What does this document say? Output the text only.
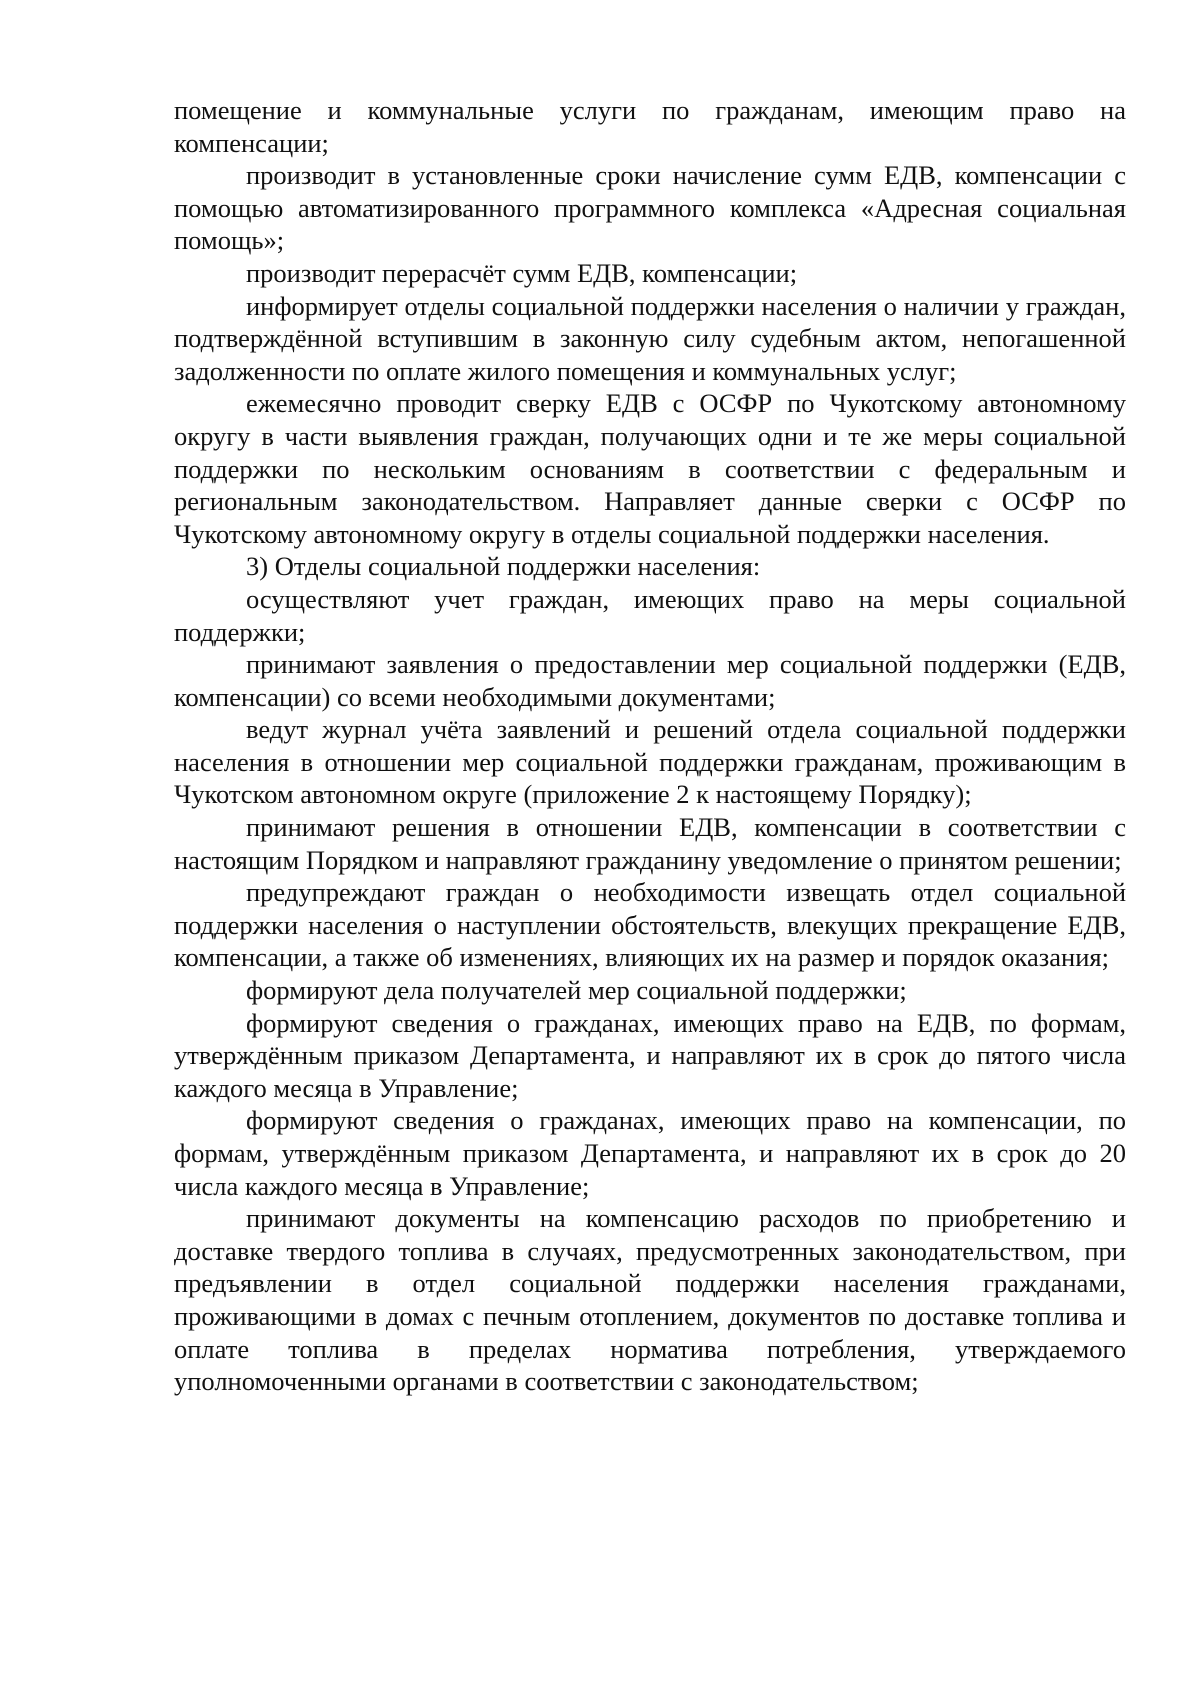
помещение и коммунальные услуги по гражданам, имеющим право на компенсации;

производит в установленные сроки начисление сумм ЕДВ, компенсации с помощью автоматизированного программного комплекса «Адресная социальная помощь»;

производит перерасчёт сумм ЕДВ, компенсации;

информирует отделы социальной поддержки населения о наличии у граждан, подтверждённой вступившим в законную силу судебным актом, непогашенной задолженности по оплате жилого помещения и коммунальных услуг;

ежемесячно проводит сверку ЕДВ с ОСФР по Чукотскому автономному округу в части выявления граждан, получающих одни и те же меры социальной поддержки по нескольким основаниям в соответствии с федеральным и региональным законодательством. Направляет данные сверки с ОСФР по Чукотскому автономному округу в отделы социальной поддержки населения.

3) Отделы социальной поддержки населения:

осуществляют учет граждан, имеющих право на меры социальной поддержки;

принимают заявления о предоставлении мер социальной поддержки (ЕДВ, компенсации) со всеми необходимыми документами;

ведут журнал учёта заявлений и решений отдела социальной поддержки населения в отношении мер социальной поддержки гражданам, проживающим в Чукотском автономном округе (приложение 2 к настоящему Порядку);

принимают решения в отношении ЕДВ, компенсации в соответствии с настоящим Порядком и направляют гражданину уведомление о принятом решении;

предупреждают граждан о необходимости извещать отдел социальной поддержки населения о наступлении обстоятельств, влекущих прекращение ЕДВ, компенсации, а также об изменениях, влияющих их на размер и порядок оказания;

формируют дела получателей мер социальной поддержки;

формируют сведения о гражданах, имеющих право на ЕДВ, по формам, утверждённым приказом Департамента, и направляют их в срок до пятого числа каждого месяца в Управление;

формируют сведения о гражданах, имеющих право на компенсации, по формам, утверждённым приказом Департамента, и направляют их в срок до 20 числа каждого месяца в Управление;

принимают документы на компенсацию расходов по приобретению и доставке твердого топлива в случаях, предусмотренных законодательством, при предъявлении в отдел социальной поддержки населения гражданами, проживающими в домах с печным отоплением, документов по доставке топлива и оплате топлива в пределах норматива потребления, утверждаемого уполномоченными органами в соответствии с законодательством;
